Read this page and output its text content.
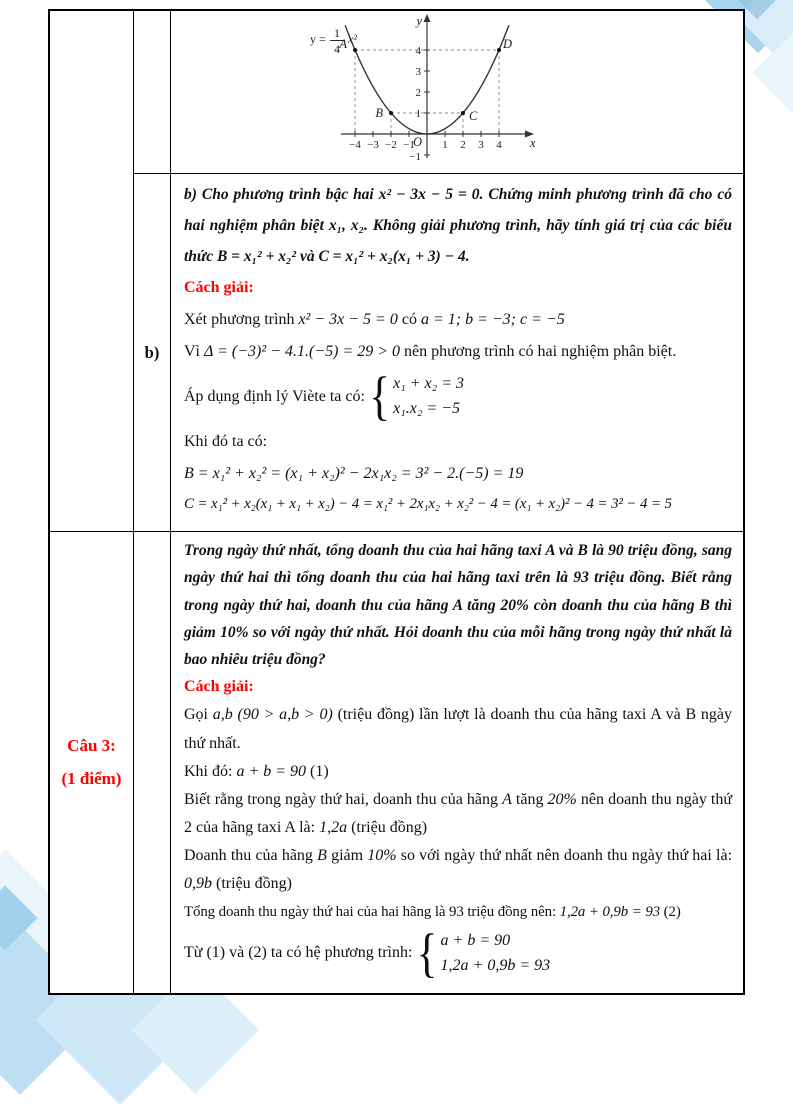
−4 −3 −2 −1 1 2 3 4
4
3
2
1
−1
A
B	C
D
O	x
y
y = 1
4
x²
b)

b) Cho phương trình bậc hai x² − 3x − 5 = 0. Chứng minh phương trình đã cho có hai nghiệm phân biệt x₁, x₂. Không giải phương trình, hãy tính giá trị của các biểu thức B = x₁² + x₂² và C = x₁² + x₂(x₁ + 3) − 4.

Cách giải:
Xét phương trình x² − 3x − 5 = 0 có a = 1; b = −3; c = −5
Vì Δ = (−3)² − 4.1.(−5) = 29 > 0 nên phương trình có hai nghiệm phân biệt.
Áp dụng định lý Viète ta có: { x₁ + x₂ = 3
x₁.x₂ = −5
Khi đó ta có:
B = x₁² + x₂² = (x₁ + x₂)² − 2x₁x₂ = 3² − 2.(−5) = 19
C = x₁² + x₂(x₁ + x₁ + x₂) − 4 = x₁² + 2x₁x₂ + x₂² − 4 = (x₁ + x₂)² − 4 = 3² − 4 = 5
Câu 3:
(1 điểm)

Trong ngày thứ nhất, tổng doanh thu của hai hãng taxi A và B là 90 triệu đồng, sang ngày thứ hai thì tổng doanh thu của hai hãng taxi trên là 93 triệu đồng. Biết rằng trong ngày thứ hai, doanh thu của hãng A tăng 20% còn doanh thu của hãng B thì giảm 10% so với ngày thứ nhất. Hỏi doanh thu của mỗi hãng trong ngày thứ nhất là bao nhiêu triệu đồng?

Cách giải:
Gọi a,b (90 > a,b > 0) (triệu đồng) lần lượt là doanh thu của hãng taxi A và B ngày thứ nhất.
Khi đó: a + b = 90 (1)
Biết rằng trong ngày thứ hai, doanh thu của hãng A tăng 20% nên doanh thu ngày thứ 2 của hãng taxi A là: 1,2a (triệu đồng)
Doanh thu của hãng B giảm 10% so với ngày thứ nhất nên doanh thu ngày thứ hai là: 0,9b (triệu đồng)
Tổng doanh thu ngày thứ hai của hai hãng là 93 triệu đồng nên: 1,2a + 0,9b = 93 (2)
Từ (1) và (2) ta có hệ phương trình: { a + b = 90
1,2a + 0,9b = 93
